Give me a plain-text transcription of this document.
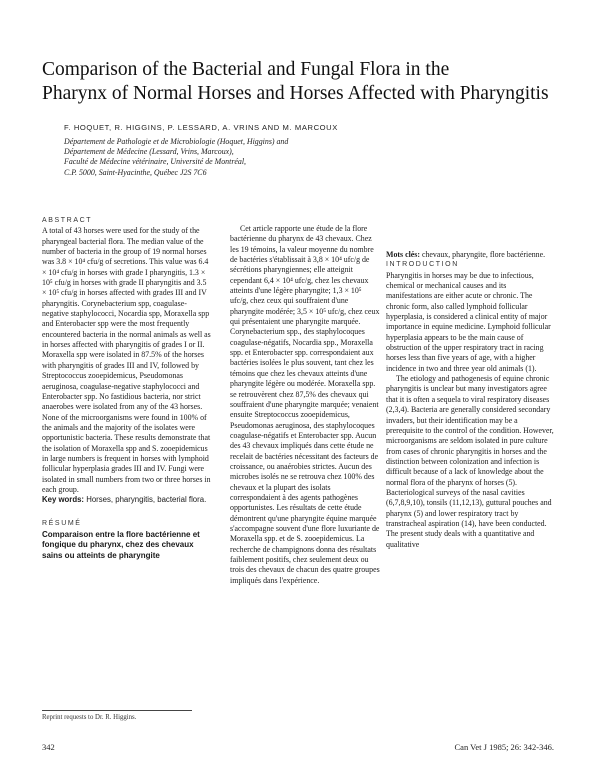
Comparison of the Bacterial and Fungal Flora in the
Pharynx of Normal Horses and Horses Affected with Pharyngitis
F. HOQUET, R. HIGGINS, P. LESSARD, A. VRINS AND M. MARCOUX
Département de Pathologie et de Microbiologie (Hoquet, Higgins) and
Département de Médecine (Lessard, Vrins, Marcoux),
Faculté de Médecine vétérinaire, Université de Montréal,
C.P. 5000, Saint-Hyacinthe, Québec J2S 7C6

ABSTRACT

A total of 43 horses were used for the study of the pharyngeal bacterial flora. The median value of the number of bacteria in the group of 19 normal horses was 3.8 × 10⁴ cfu/g of secretions. This value was 6.4 × 10⁴ cfu/g in horses with grade I pharyngitis, 1.3 × 10⁵ cfu/g in horses with grade II pharyngitis and 3.5 × 10⁵ cfu/g in horses affected with grades III and IV pharyngitis. Corynebacterium spp, coagulase-negative staphylococci, Nocardia spp, Moraxella spp and Enterobacter spp were the most frequently encountered bacteria in the normal animals as well as in horses affected with pharyngitis of grades I or II. Moraxella spp were isolated in 87.5% of the horses with pharyngitis of grades III and IV, followed by Streptococcus zooepidemicus, Pseudomonas aeruginosa, coagulase-negative staphylococci and Enterobacter spp. No fastidious bacteria, nor strict anaerobes were isolated from any of the 43 horses. None of the microorganisms were found in 100% of the animals and the majority of the isolates were opportunistic bacteria. These results demonstrate that the isolation of Moraxella spp and S. zooepidemicus in large numbers is frequent in horses with lymphoid follicular hyperplasia grades III and IV. Fungi were isolated in small numbers from two or three horses in each group.

Key words: Horses, pharyngitis, bacterial flora.

RÉSUMÉ

Comparaison entre la flore bactérienne et fongique du pharynx, chez des chevaux sains ou atteints de pharyngite

Cet article rapporte une étude de la flore bactérienne du pharynx de 43 chevaux. Chez les 19 témoins, la valeur moyenne du nombre de bactéries s'établissait à 3,8 × 10⁴ ufc/g de sécrétions pharyngiennes; elle atteignit cependant 6,4 × 10⁴ ufc/g, chez les chevaux atteints d'une légère pharyngite; 1,3 × 10⁵ ufc/g, chez ceux qui souffraient d'une pharyngite modérée; 3,5 × 10⁵ ufc/g, chez ceux qui présentaient une pharyngite marquée. Corynebacterium spp., des staphylocoques coagulase-négatifs, Nocardia spp., Moraxella spp. et Enterobacter spp. correspondaient aux bactéries isolées le plus souvent, tant chez les témoins que chez les chevaux atteints d'une pharyngite légère ou modérée. Moraxella spp. se retrouvèrent chez 87,5% des chevaux qui souffraient d'une pharyngite marquée; venaient ensuite Streptococcus zooepidemicus, Pseudomonas aeruginosa, des staphylocoques coagulase-négatifs et Enterobacter spp. Aucun des 43 chevaux impliqués dans cette étude ne recelait de bactéries nécessitant des facteurs de croissance, ou anaérobies strictes. Aucun des microbes isolés ne se retrouva chez 100% des chevaux et la plupart des isolats correspondaient à des agents pathogènes opportunistes. Les résultats de cette étude démontrent qu'une pharyngite équine marquée s'accompagne souvent d'une flore luxuriante de Moraxella spp. et de S. zooepidemicus. La recherche de champignons donna des résultats faiblement positifs, chez seulement deux ou trois des chevaux de chacun des quatre groupes impliqués dans l'expérience.

Mots clés: chevaux, pharyngite, flore bactérienne.

INTRODUCTION

Pharyngitis in horses may be due to infectious, chemical or mechanical causes and its manifestations are either acute or chronic. The chronic form, also called lymphoid follicular hyperplasia, is considered a clinical entity of major importance in equine medicine. Lymphoid follicular hyperplasia appears to be the main cause of obstruction of the upper respiratory tract in racing horses less than five years of age, with a higher incidence in two and three year old animals (1).

The etiology and pathogenesis of equine chronic pharyngitis is unclear but many investigators agree that it is often a sequela to viral respiratory diseases (2,3,4). Bacteria are generally considered secondary invaders, but their identification may be a prerequisite to the control of the condition. However, microorganisms are seldom isolated in pure culture from cases of chronic pharyngitis in horses and the distinction between colonization and infection is difficult because of a lack of knowledge about the normal flora of the pharynx of horses (5). Bacteriological surveys of the nasal cavities (6,7,8,9,10), tonsils (11,12,13), guttural pouches and pharynx (5) and lower respiratory tract by transtracheal aspiration (14), have been conducted. The present study deals with a quantitative and qualitative

Reprint requests to Dr. R. Higgins.
342	Can Vet J 1985; 26: 342-346.
